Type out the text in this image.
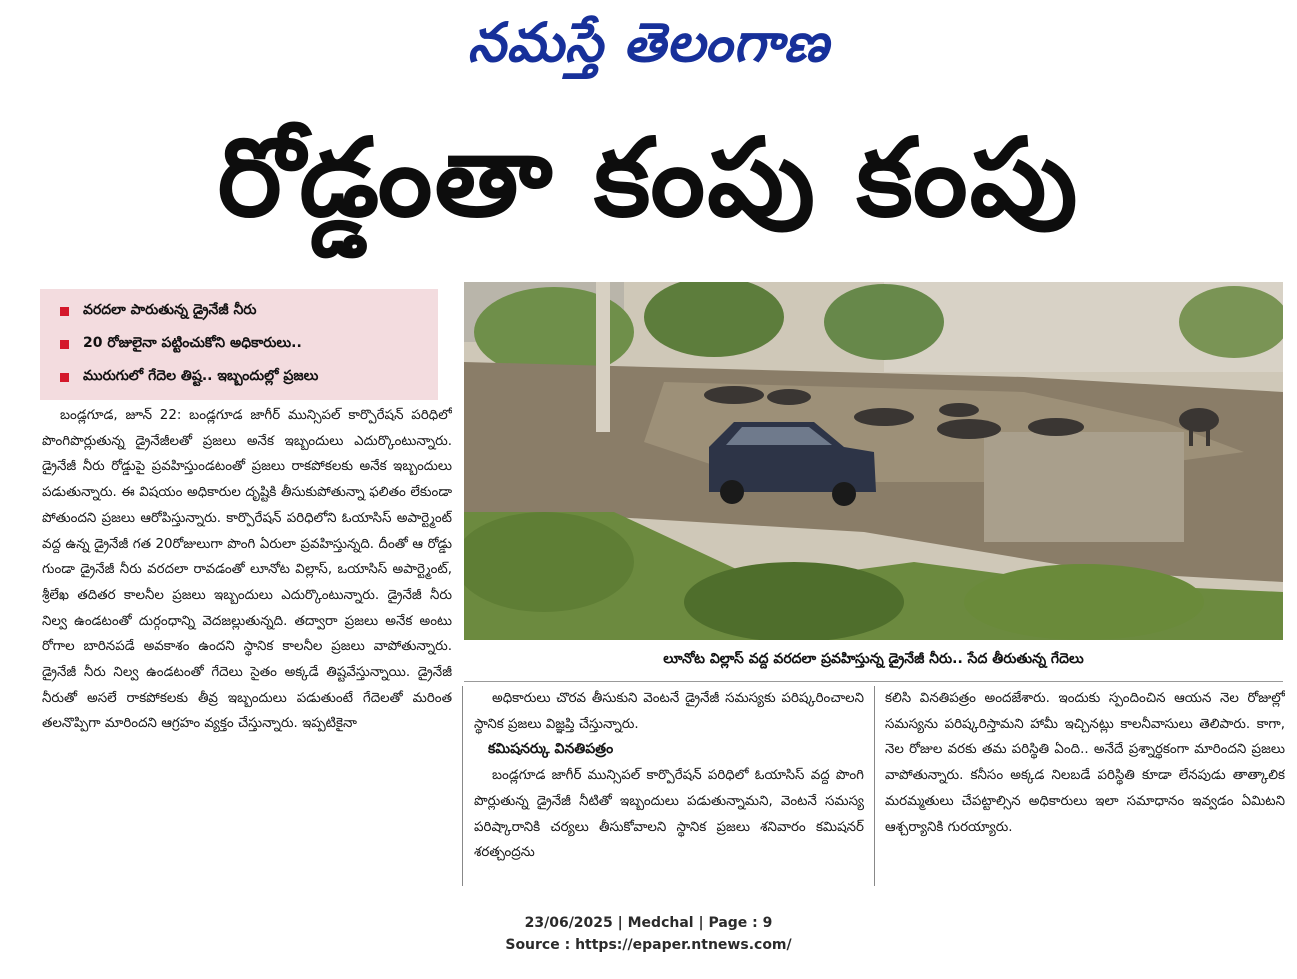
నమస్తే తెలంగాణ
రోడ్డంతా కంపు కంపు
వరదలా పారుతున్న డ్రైనేజీ నీరు
20 రోజులైనా పట్టించుకోని అధికారులు..
మురుగులో గేదెల తిష్ట.. ఇబ్బందుల్లో ప్రజలు
లూనోట విల్లాస్ వద్ద వరదలా ప్రవహిస్తున్న డ్రైనేజీ నీరు.. సేద తీరుతున్న గేదెలు
బండ్లగూడ, జూన్ 22: బండ్లగూడ జాగీర్ మున్సిపల్ కార్పొరేషన్ పరిధిలో పొంగిపొర్లుతున్న డ్రైనేజీలతో ప్రజలు అనేక ఇబ్బందులు ఎదుర్కొంటున్నారు. డ్రైనేజీ నీరు రోడ్డుపై ప్రవహిస్తుండటంతో ప్రజలు రాకపోకలకు అనేక ఇబ్బందులు పడుతున్నారు. ఈ విషయం అధికారుల దృష్టికి తీసుకుపోతున్నా ఫలితం లేకుండా పోతుందని ప్రజలు ఆరోపిస్తున్నారు. కార్పొరేషన్ పరిధిలోని ఓయాసిస్ అపార్ట్మెంట్ వద్ద ఉన్న డ్రైనేజీ గత 20రోజులుగా పొంగి ఏరులా ప్రవహిస్తున్నది. దీంతో ఆ రోడ్డు గుండా డ్రైనేజీ నీరు వరదలా రావడంతో లూనోట విల్లాస్, ఒయాసిస్ అపార్ట్మెంట్, శ్రీలేఖ తదితర కాలనీల ప్రజలు ఇబ్బందులు ఎదుర్కొంటున్నారు. డ్రైనేజీ నీరు నిల్వ ఉండటంతో దుర్గంధాన్ని వెదజల్లుతున్నది. తద్వారా ప్రజలు అనేక అంటు రోగాల బారినపడే అవకాశం ఉందని స్థానిక కాలనీల ప్రజలు వాపోతున్నారు. డ్రైనేజీ నీరు నిల్వ ఉండటంతో గేదెలు సైతం అక్కడే తిష్టవేస్తున్నాయి. డ్రైనేజీ నీరుతో అసలే రాకపోకలకు తీవ్ర ఇబ్బందులు పడుతుంటే గేదెలతో మరింత తలనొప్పిగా మారిందని ఆగ్రహం వ్యక్తం చేస్తున్నారు. ఇప్పటికైనా
అధికారులు చొరవ తీసుకుని వెంటనే డ్రైనేజీ సమస్యకు పరిష్కరించాలని స్థానిక ప్రజలు విజ్ఞప్తి చేస్తున్నారు.
కమిషనర్కు వినతిపత్రం
బండ్లగూడ జాగీర్ మున్సిపల్ కార్పొరేషన్ పరిధిలో ఓయాసిస్ వద్ద పొంగి పొర్లుతున్న డ్రైనేజీ నీటితో ఇబ్బందులు పడుతున్నామని, వెంటనే సమస్య పరిష్కారానికి చర్యలు తీసుకోవాలని స్థానిక ప్రజలు శనివారం కమిషనర్ శరత్చంద్రను
కలిసి వినతిపత్రం అందజేశారు. ఇందుకు స్పందించిన ఆయన నెల రోజుల్లో సమస్యను పరిష్కరిస్తామని హామీ ఇచ్చినట్లు కాలనీవాసులు తెలిపారు. కాగా, నెల రోజుల వరకు తమ పరిస్థితి ఏంది.. అనేదే ప్రశ్నార్థకంగా మారిందని ప్రజలు వాపోతున్నారు. కనీసం అక్కడ నిలబడే పరిస్థితి కూడా లేనపుడు తాత్కాలిక మరమ్మతులు చేపట్టాల్సిన అధికారులు ఇలా సమాధానం ఇవ్వడం ఏమిటని ఆశ్చర్యానికి గురయ్యారు.
23/06/2025 | Medchal | Page : 9
Source : https://epaper.ntnews.com/
